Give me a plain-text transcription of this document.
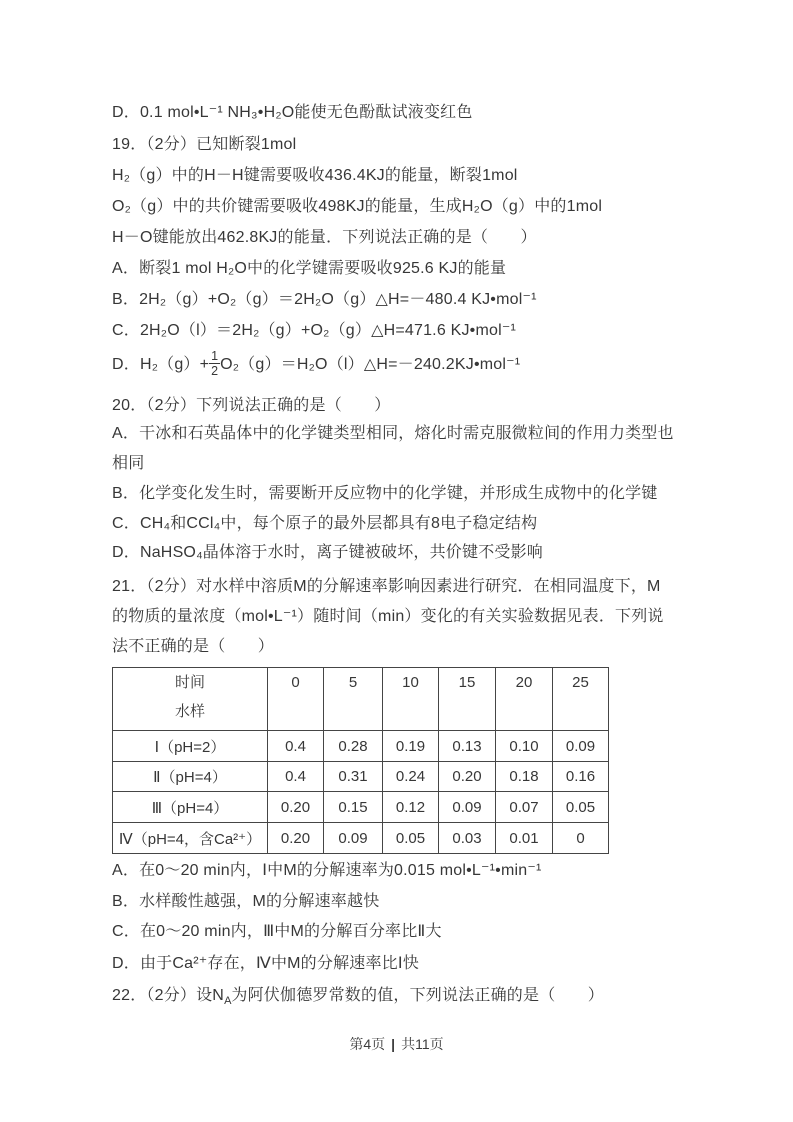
D．0.1 mol•L⁻¹ NH₃•H₂O能使无色酚酞试液变红色
19．（2分）已知断裂1mol
H₂（g）中的H－H键需要吸收436.4KJ的能量，断裂1mol
O₂（g）中的共价键需要吸收498KJ的能量，生成H₂O（g）中的1mol
H－O键能放出462.8KJ的能量．下列说法正确的是（　　）
A．断裂1 mol H₂O中的化学键需要吸收925.6 KJ的能量
B．2H₂（g）+O₂（g）＝2H₂O（g）△H=－480.4 KJ•mol⁻¹
C．2H₂O（l）＝2H₂（g）+O₂（g）△H=471.6 KJ•mol⁻¹
D．$H_2(g)+ \frac{1}{2}$ O₂（g）＝H₂O（l）△H=－240.2KJ•mol⁻¹
20．（2分）下列说法正确的是（　　）
A．干冰和石英晶体中的化学键类型相同，熔化时需克服微粒间的作用力类型也
相同
B．化学变化发生时，需要断开反应物中的化学键，并形成生成物中的化学键
C．CH₄和CCl₄中，每个原子的最外层都具有8电子稳定结构
D．NaHSO₄晶体溶于水时，离子键被破坏，共价键不受影响
21．（2分）对水样中溶质M的分解速率影响因素进行研究．在相同温度下，M
的物质的量浓度（mol•L⁻¹）随时间（min）变化的有关实验数据见表．下列说
法不正确的是（　　）
A．在0～20 min内，Ⅰ中M的分解速率为0.015 mol•L⁻¹•min⁻¹
B．水样酸性越强，M的分解速率越快
C．在0～20 min内，Ⅲ中M的分解百分率比Ⅱ大
D．由于Ca²⁺存在，Ⅳ中M的分解速率比Ⅰ快
22．（2分）设$N_A$为阿伏伽德罗常数的值，下列说法正确的是（　　）
时间
水样	0	5	10	15	20	25
Ⅰ（pH=2）	0.4	0.28	0.19	0.13	0.10	0.09
Ⅱ（pH=4）	0.4	0.31	0.24	0.20	0.18	0.16
Ⅲ（pH=4）	0.20	0.15	0.12	0.09	0.07	0.05
Ⅳ（pH=4，含Ca²⁺）	0.20	0.09	0.05	0.03	0.01	0
第4页 | 共11页
